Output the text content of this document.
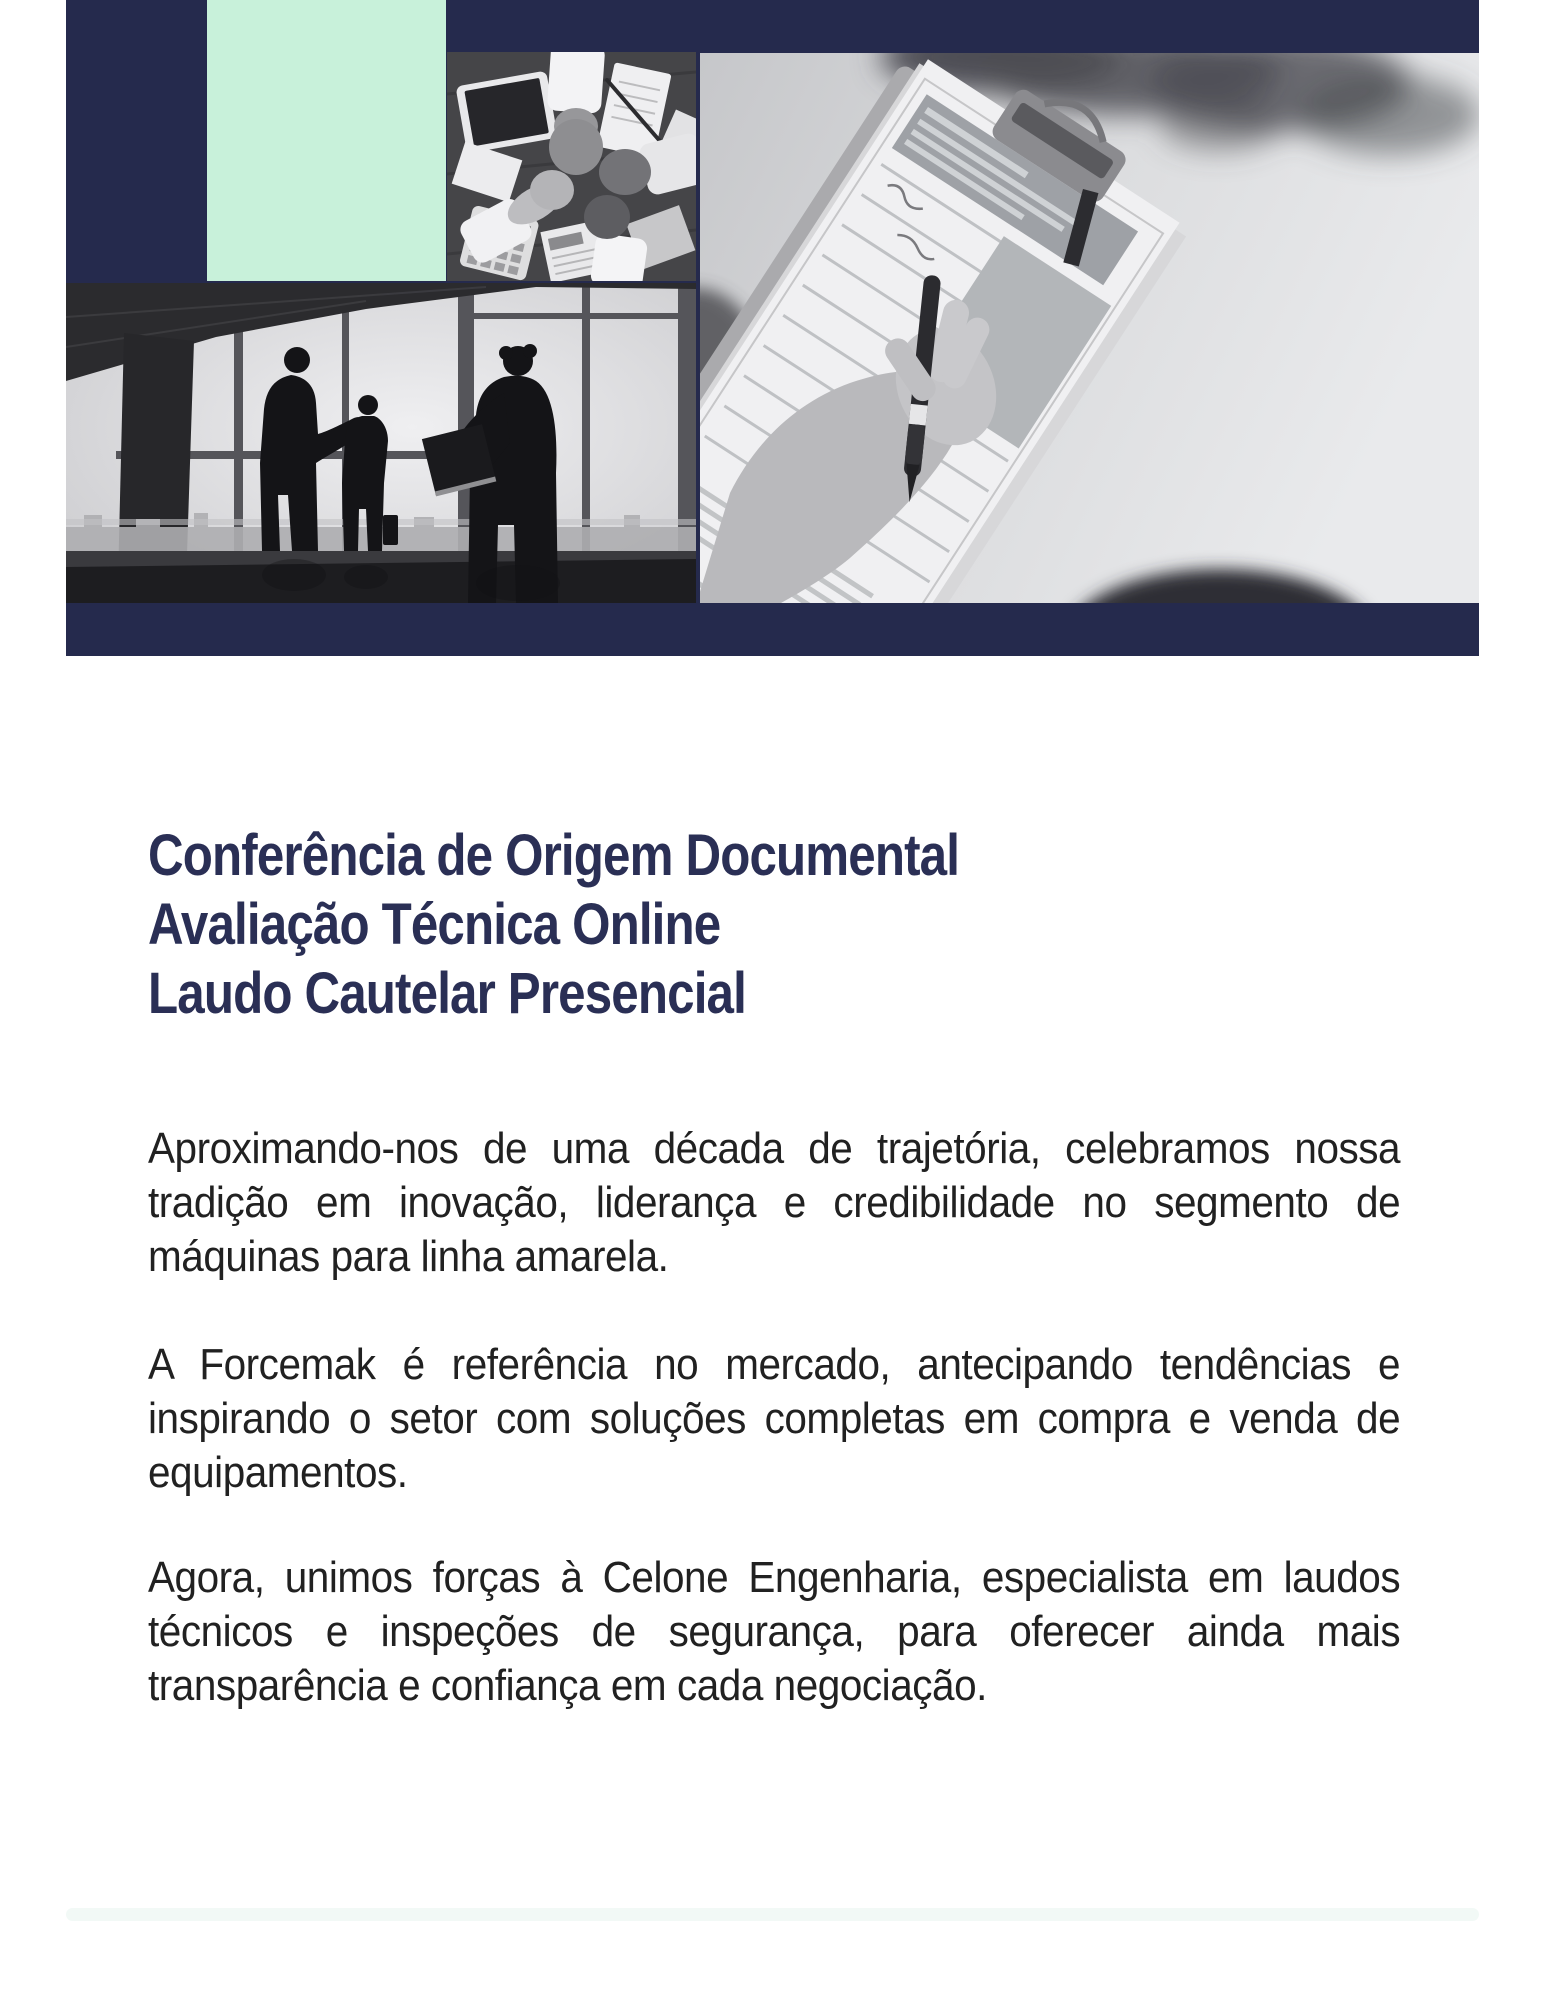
Conferência de Origem Documental
Avaliação Técnica Online
Laudo Cautelar Presencial

Aproximando-nos de uma década de trajetória, celebramos nossa
tradição em inovação, liderança e credibilidade no segmento de
máquinas para linha amarela.

A Forcemak é referência no mercado, antecipando tendências e
inspirando o setor com soluções completas em compra e venda de
equipamentos.

Agora, unimos forças à Celone Engenharia, especialista em laudos
técnicos e inspeções de segurança, para oferecer ainda mais
transparência e confiança em cada negociação.
